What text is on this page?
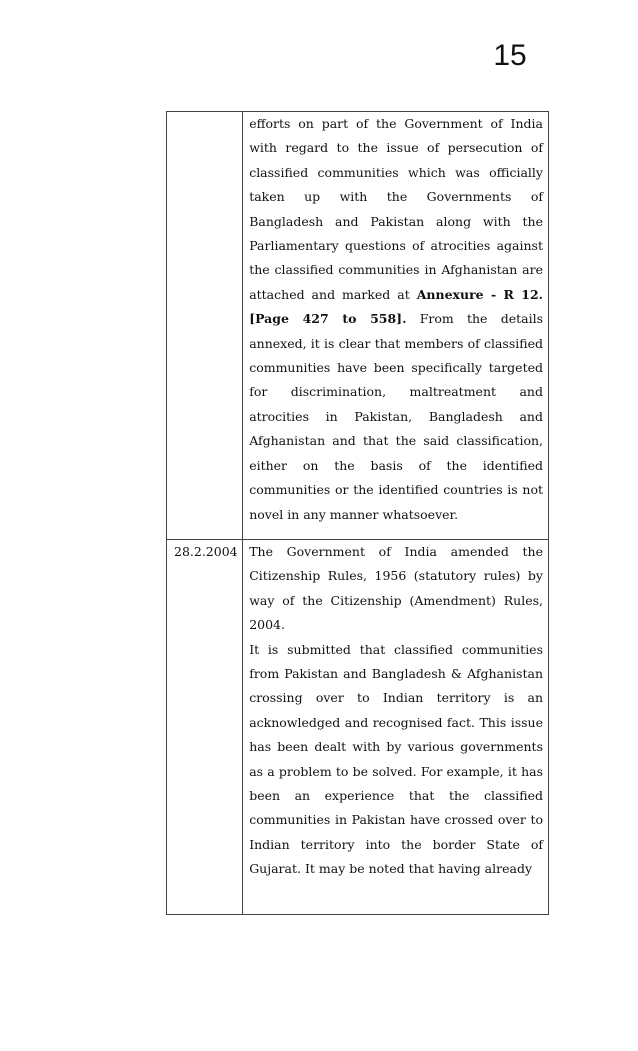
15

	efforts on part of the Government of India with regard to the issue of persecution of classified communities which was officially taken up with the Governments of Bangladesh and Pakistan along with the Parliamentary questions of atrocities against the classified communities in Afghanistan are attached and marked at Annexure - R 12. [Page 427 to 558]. From the details annexed, it is clear that members of classified communities have been specifically targeted for discrimination, maltreatment and atrocities in Pakistan, Bangladesh and Afghanistan and that the said classification, either on the basis of the identified communities or the identified countries is not novel in any manner whatsoever.

28.2.2004	The Government of India amended the Citizenship Rules, 1956 (statutory rules) by way of the Citizenship (Amendment) Rules, 2004.

It is submitted that classified communities from Pakistan and Bangladesh & Afghanistan crossing over to Indian territory is an acknowledged and recognised fact. This issue has been dealt with by various governments as a problem to be solved. For example, it has been an experience that the classified communities in Pakistan have crossed over to Indian territory into the border State of Gujarat. It may be noted that having already
